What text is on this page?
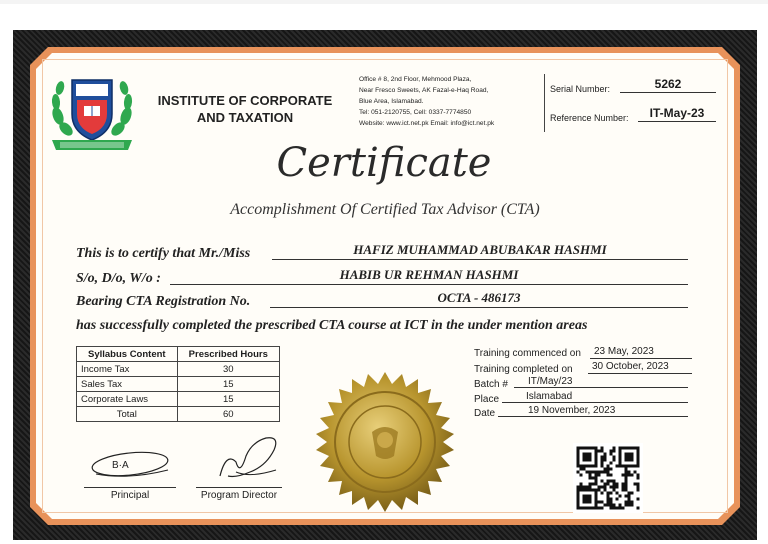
INSTITUTE OF CORPORATE
AND TAXATION
Office # 8, 2nd Floor, Mehmood Plaza,
Near Fresco Sweets, AK Fazal-e-Haq Road,
Blue Area, Islamabad.
Tel: 051-2120755, Cell: 0337-7774850
Website: www.ict.net.pk Email: info@ict.net.pk
Serial Number:	5262
Reference Number:	IT-May-23
Certificate
Accomplishment Of Certified Tax Advisor (CTA)
This is to certify that Mr./Miss	HAFIZ MUHAMMAD ABUBAKAR HASHMI
S/o, D/o, W/o :	HABIB UR REHMAN HASHMI
Bearing CTA Registration No.	OCTA - 486173
has successfully completed the prescribed CTA course at ICT in the under mention areas
Syllabus Content	Prescribed Hours
Income Tax	30
Sales Tax	15
Corporate Laws	15
Total	60
Training commenced on	23 May, 2023
Training completed on	30 October, 2023
Batch #	IT/May/23
Place	Islamabad
Date	19 November, 2023
B·A
Principal	Program Director
